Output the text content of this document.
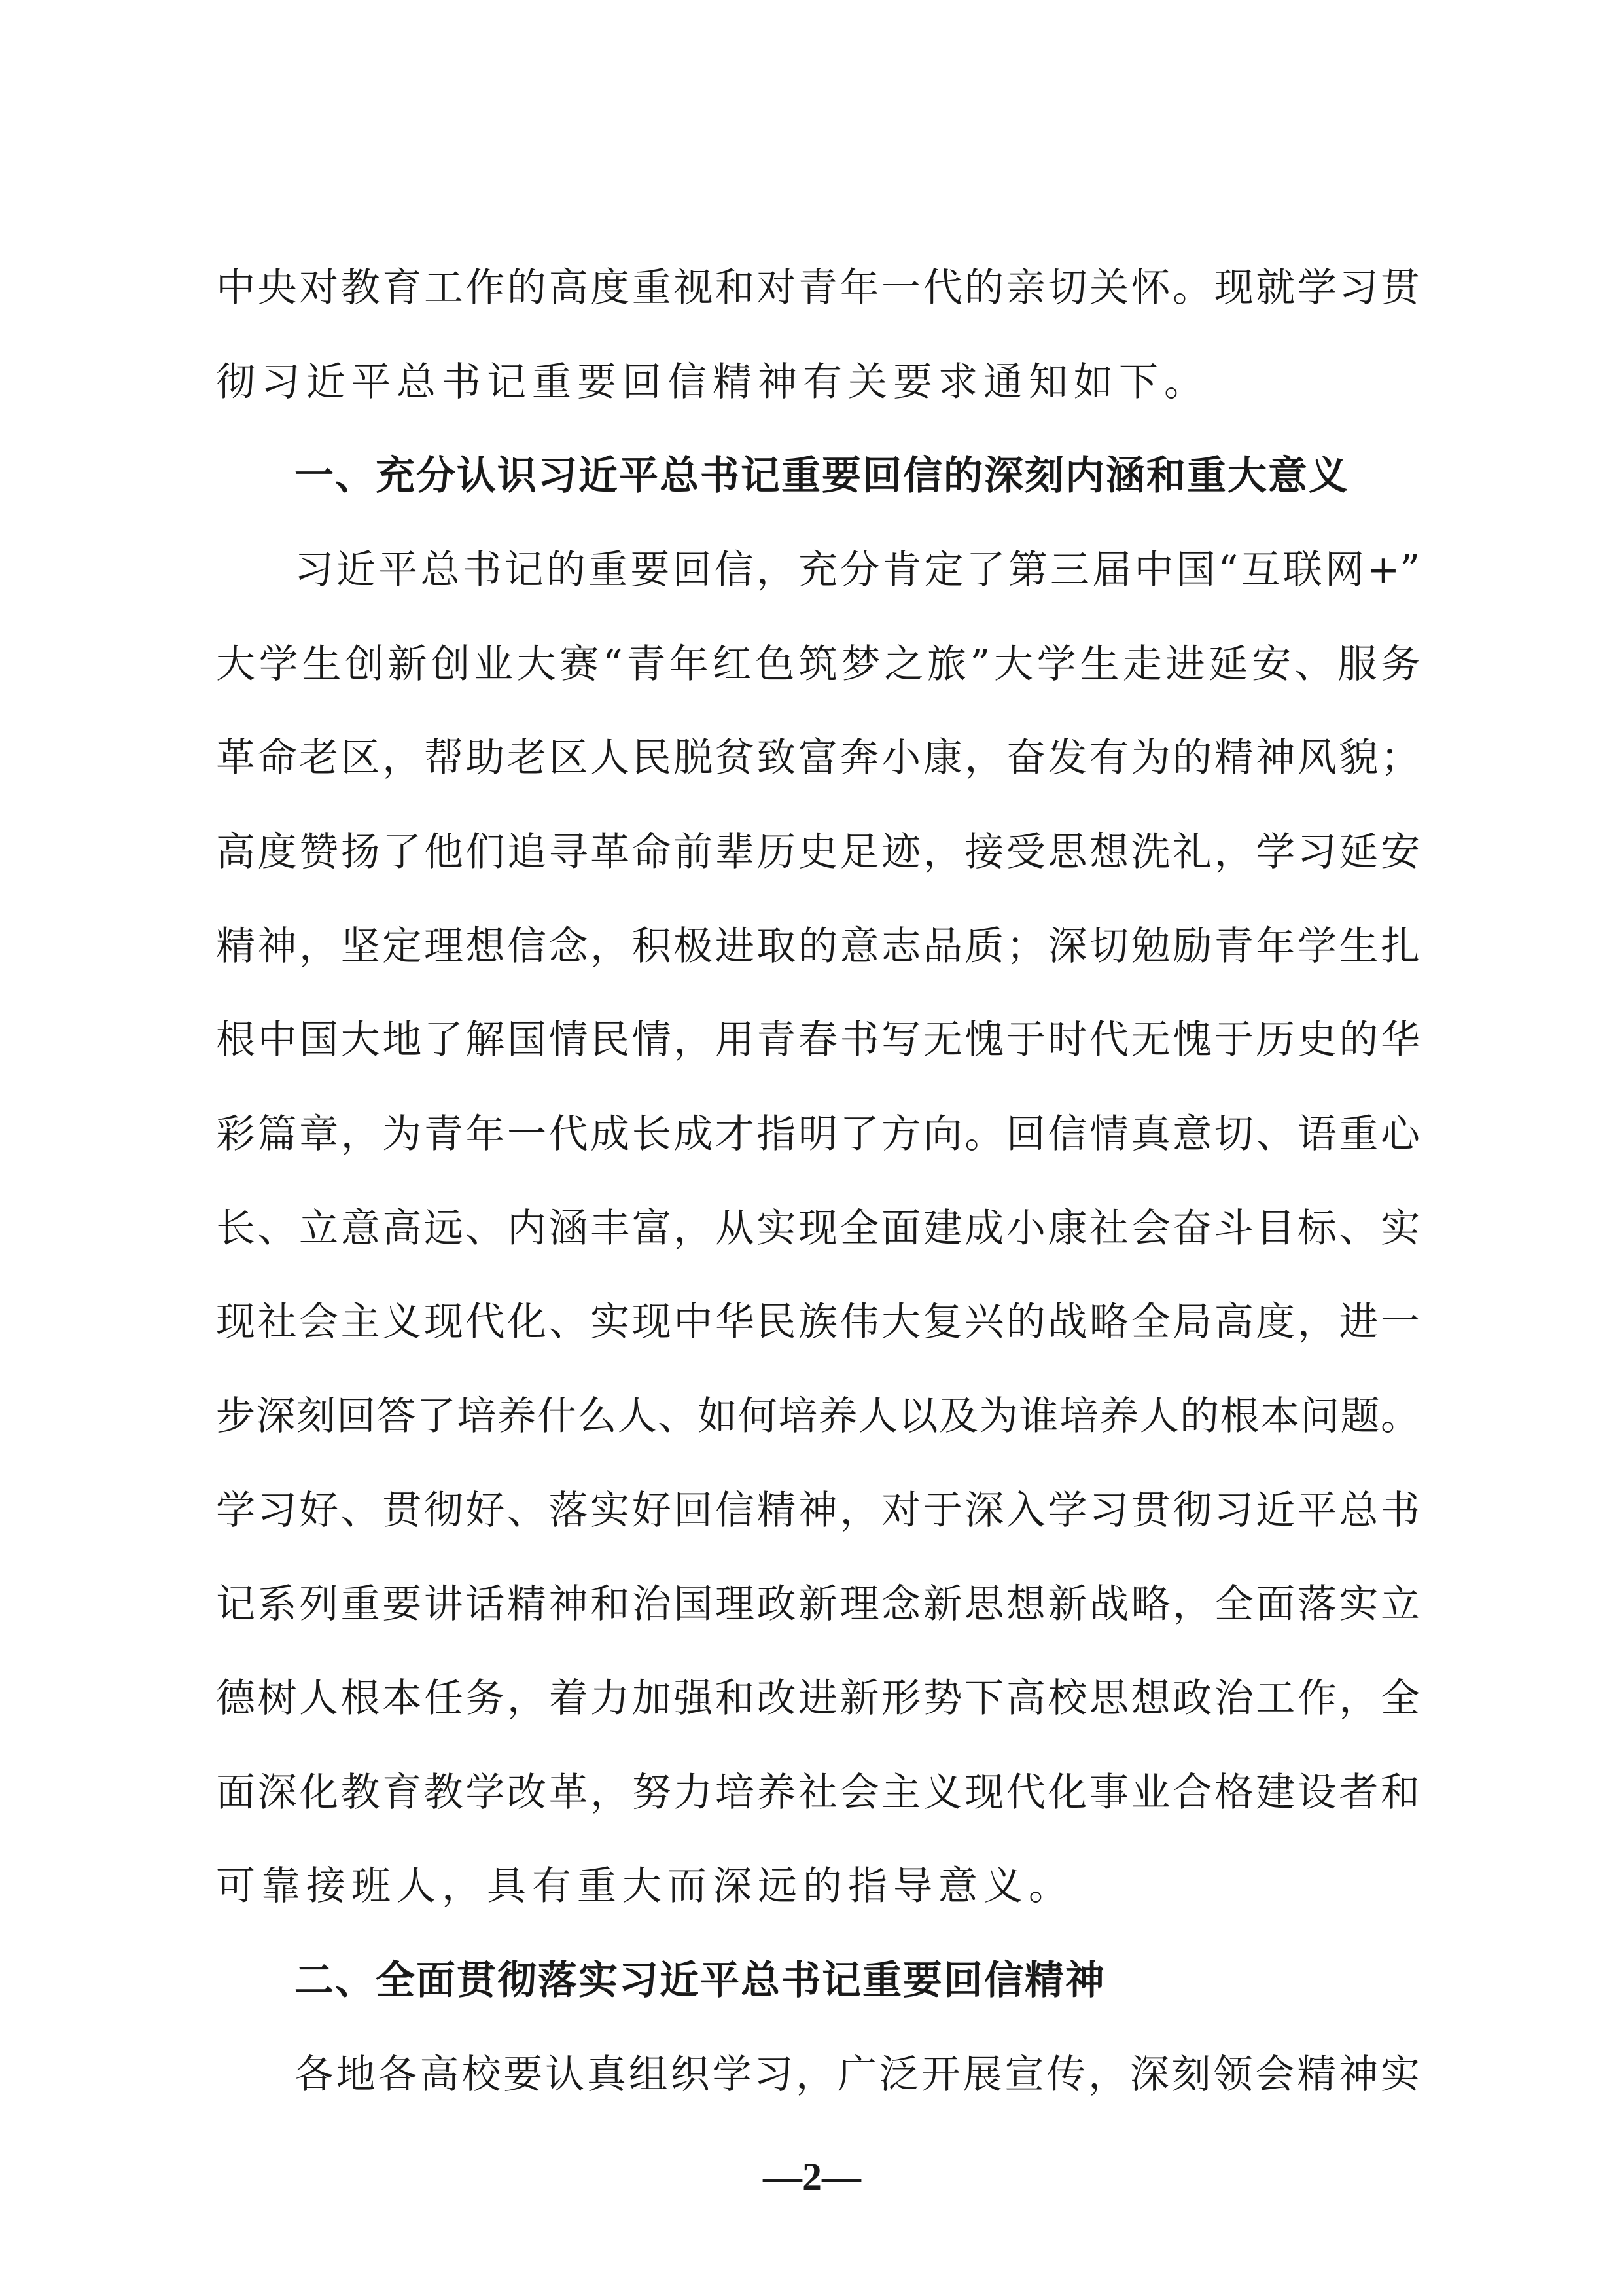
中央对教育工作的高度重视和对青年一代的亲切关怀。现就学习贯
彻习近平总书记重要回信精神有关要求通知如下。
一、充分认识习近平总书记重要回信的深刻内涵和重大意义
习近平总书记的重要回信，充分肯定了第三届中国“互联网+”
大学生创新创业大赛“青年红色筑梦之旅”大学生走进延安、服务
革命老区，帮助老区人民脱贫致富奔小康，奋发有为的精神风貌；
高度赞扬了他们追寻革命前辈历史足迹，接受思想洗礼，学习延安
精神，坚定理想信念，积极进取的意志品质；深切勉励青年学生扎
根中国大地了解国情民情，用青春书写无愧于时代无愧于历史的华
彩篇章，为青年一代成长成才指明了方向。回信情真意切、语重心
长、立意高远、内涵丰富，从实现全面建成小康社会奋斗目标、实
现社会主义现代化、实现中华民族伟大复兴的战略全局高度，进一
步深刻回答了培养什么人、如何培养人以及为谁培养人的根本问题。
学习好、贯彻好、落实好回信精神，对于深入学习贯彻习近平总书
记系列重要讲话精神和治国理政新理念新思想新战略，全面落实立
德树人根本任务，着力加强和改进新形势下高校思想政治工作，全
面深化教育教学改革，努力培养社会主义现代化事业合格建设者和
可靠接班人，具有重大而深远的指导意义。
二、全面贯彻落实习近平总书记重要回信精神
各地各高校要认真组织学习，广泛开展宣传，深刻领会精神实
—2—
